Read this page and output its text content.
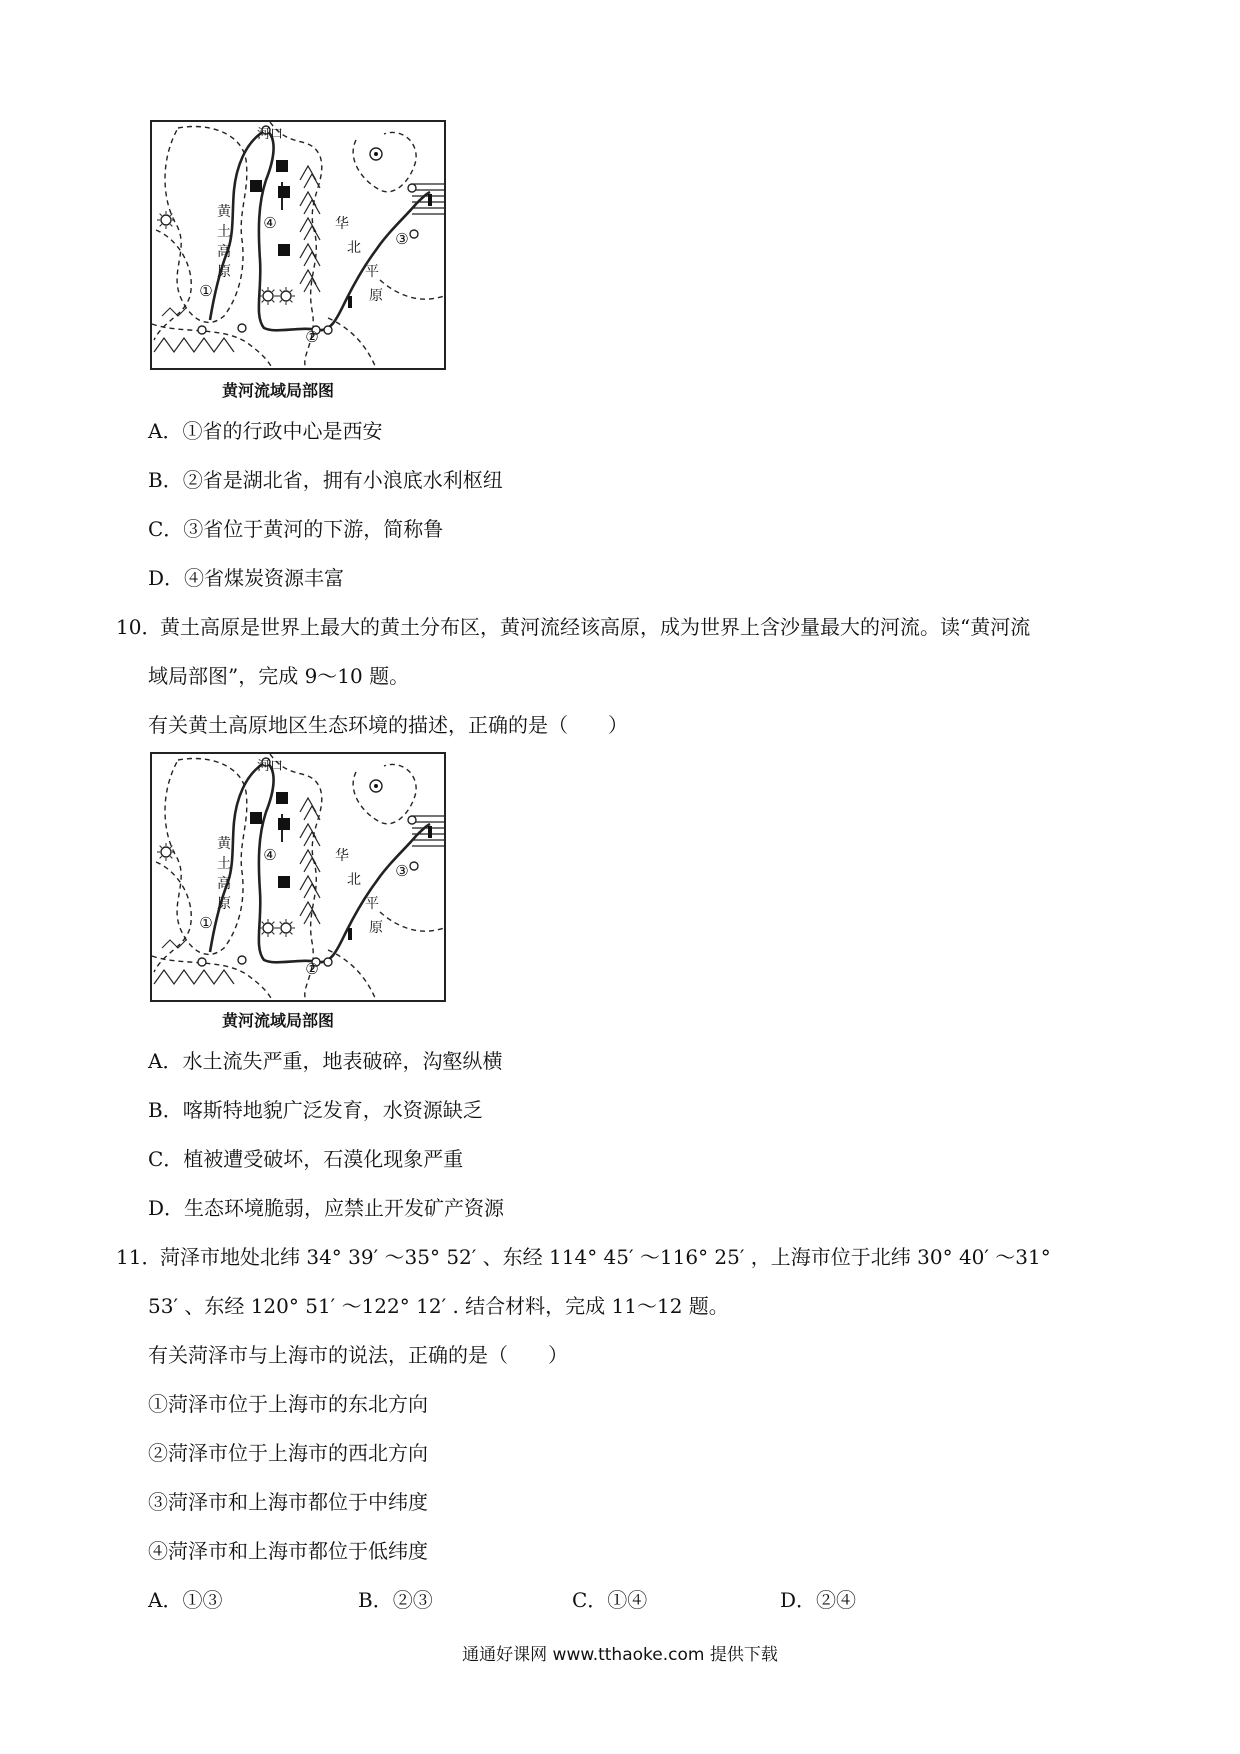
河口
黄
土
高
原
华
北
平
原
①
②
③
④
黄河流域局部图
A．①省的行政中心是西安
B．②省是湖北省，拥有小浪底水利枢纽
C．③省位于黄河的下游，简称鲁
D．④省煤炭资源丰富
10．
黄土高原是世界上最大的黄土分布区，黄河流经该高原，成为世界上含沙量最大的河流。读“黄河流
域局部图”，完成 9～10 题。
有关黄土高原地区生态环境的描述，正确的是（　　）
河口
黄
土
高
原
华
北
平
原
①
②
③
④
黄河流域局部图
A．水土流失严重，地表破碎，沟壑纵横
B．喀斯特地貌广泛发育，水资源缺乏
C．植被遭受破坏，石漠化现象严重
D．生态环境脆弱，应禁止开发矿产资源
11．
菏泽市地处北纬 34° 39′ ～35° 52′ 、东经 114° 45′ ～116° 25′ ，上海市位于北纬 30° 40′ ～31°
53′ 、东经 120° 51′ ～122° 12′ . 结合材料，完成 11～12 题。
有关菏泽市与上海市的说法，正确的是（　　）
①菏泽市位于上海市的东北方向
②菏泽市位于上海市的西北方向
③菏泽市和上海市都位于中纬度
④菏泽市和上海市都位于低纬度
A．①③	B．②③	C．①④	D．②④
通通好课网 www.tthaoke.com 提供下载
